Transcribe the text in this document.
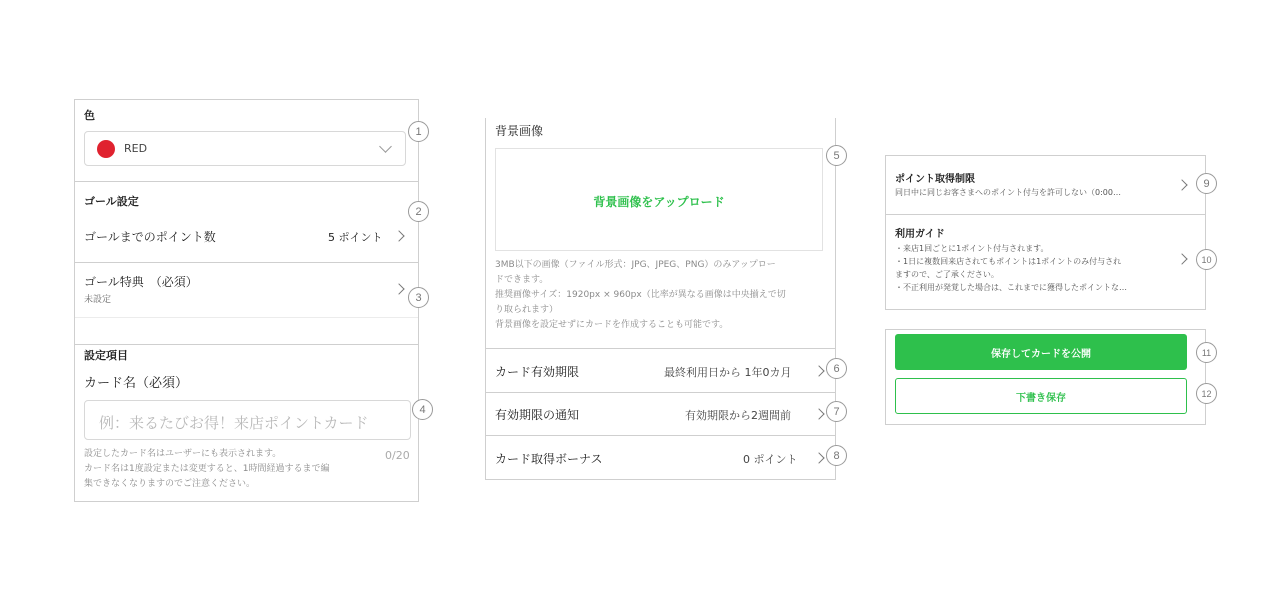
色
RED
ゴール設定
ゴールまでのポイント数	5 ポイント
ゴール特典　（必須）
未設定
設定項目
カード名（必須）
例：来るたびお得！来店ポイントカード
設定したカード名はユーザーにも表示されます。
カード名は1度設定または変更すると、1時間経過するまで編
集できなくなりますのでご注意ください。
0/20
背景画像
背景画像をアップロード
3MB以下の画像（ファイル形式：JPG、JPEG、PNG）のみアップロー
ドできます。
推奨画像サイズ：1920px × 960px（比率が異なる画像は中央揃えで切
り取られます）
背景画像を設定せずにカードを作成することも可能です。
カード有効期限	最終利用日から 1年0カ月
有効期限の通知	有効期限から2週間前
カード取得ボーナス	0 ポイント
ポイント取得制限
同日中に同じお客さまへのポイント付与を許可しない（0:00…
利用ガイド
・来店1回ごとに1ポイント付与されます。
・1日に複数回来店されてもポイントは1ポイントのみ付与され
ますので、ご了承ください。
・不正利用が発覚した場合は、これまでに獲得したポイントな…
保存してカードを公開
下書き保存
1
2
3
4
5
6
7
8
9
10
11
12
